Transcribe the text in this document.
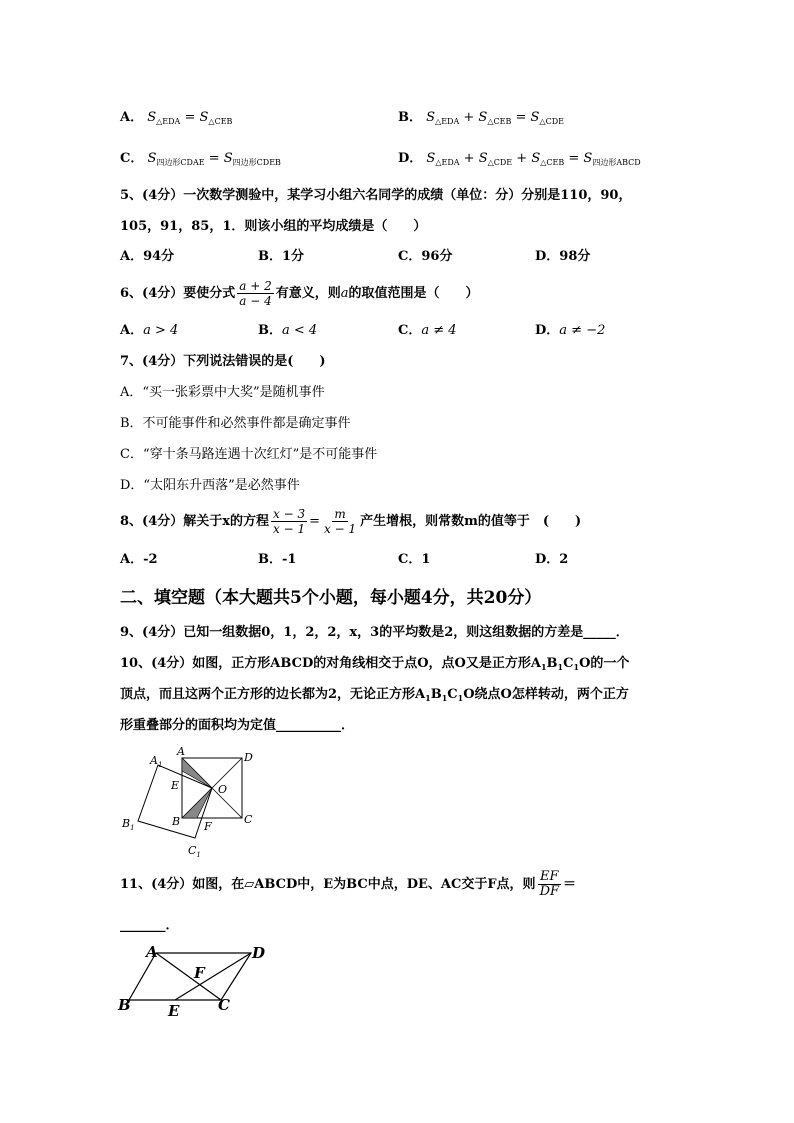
A． $S_{\triangle EDA} = S_{\triangle CEB}$	B． $S_{\triangle EDA} + S_{\triangle CEB} = S_{\triangle CDE}$
C． $S_{四边形CDAE} = S_{四边形CDEB}$	D． $S_{\triangle EDA} + S_{\triangle CDE} + S_{\triangle CEB} = S_{四边形ABCD}$
5、(4分）一次数学测验中，某学习小组六名同学的成绩（单位：分）分别是110，90，
105，91，85，1．则该小组的平均成绩是（　　）
A．94分	B．1分	C．96分	D．98分
6、(4分）要使分式 $\frac{a + 2}{a - 4}$ 有意义，则a的取值范围是（　　）
A．a > 4	B．a < 4	C．a ≠ 4	D．a ≠ −2
7、(4分）下列说法错误的是(　　)
A．“买一张彩票中大奖”是随机事件
B．不可能事件和必然事件都是确定事件
C．“穿十条马路连遇十次红灯”是不可能事件
D．“太阳东升西落”是必然事件
8、(4分）解关于x的方程 $\frac{x - 3}{x - 1} = \frac{m}{x - 1}$ 产生增根，则常数m的值等于　(　　)
A．-2	B．-1	C．1	D．2
二、填空题（本大题共5个小题，每小题4分，共20分）
9、(4分）已知一组数据0，1，2，2，x，3的平均数是2，则这组数据的方差是_____．
10、(4分）如图，正方形ABCD的对角线相交于点O，点O又是正方形$A_1B_1C_1O$的一个
顶点，而且这两个正方形的边长都为2，无论正方形$A_1B_1C_1O$绕点O怎样转动，两个正方
形重叠部分的面积均为定值__________．
A
$A_1$
D
E	O
$B_1$	B F
C
$C_1$
11、(4分）如图，在▱ABCD中，E为BC中点，DE、AC交于F点，则 $\frac{EF}{DF}$ ＝
_______．
A	D
F
B E	C
